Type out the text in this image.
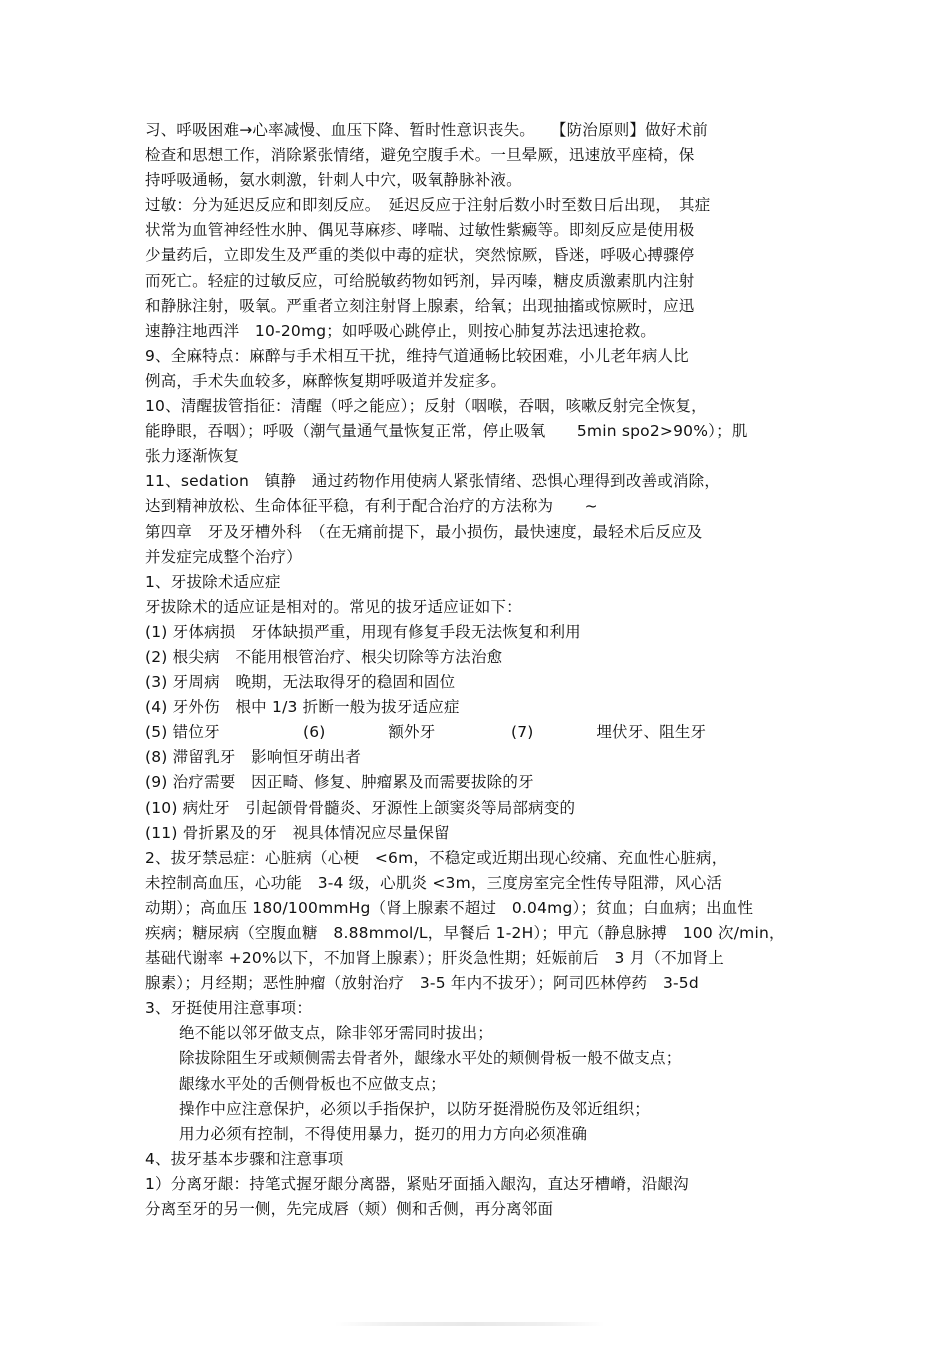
习、呼吸困难→心率减慢、血压下降、暂时性意识丧失。　　【防治原则】做好术前
检查和思想工作，消除紧张情绪，避免空腹手术。一旦晕厥，迅速放平座椅，保
持呼吸通畅，氨水刺激，针刺人中穴，吸氧静脉补液。
过敏：分为延迟反应和即刻反应。　延迟反应于注射后数小时至数日后出现，　其症
状常为血管神经性水肿、偶见荨麻疹、哮喘、过敏性紫癜等。即刻反应是使用极
少量药后，立即发生及严重的类似中毒的症状，突然惊厥，昏迷，呼吸心搏骤停
而死亡。轻症的过敏反应，可给脱敏药物如钙剂，异丙嗪，糖皮质激素肌内注射
和静脉注射，吸氧。严重者立刻注射肾上腺素，给氧；出现抽搐或惊厥时，应迅
速静注地西泮　10-20mg；如呼吸心跳停止，则按心肺复苏法迅速抢救。
9、全麻特点：麻醉与手术相互干扰，维持气道通畅比较困难，小儿老年病人比
例高，手术失血较多，麻醉恢复期呼吸道并发症多。
10、清醒拔管指征：清醒（呼之能应）；反射（咽喉，吞咽，咳嗽反射完全恢复，
能睁眼，吞咽）；呼吸（潮气量通气量恢复正常，停止吸氧　　5min spo2>90%）；肌
张力逐渐恢复
11、sedation　镇静　通过药物作用使病人紧张情绪、恐惧心理得到改善或消除，
达到精神放松、生命体征平稳，有利于配合治疗的方法称为　　~
第四章　牙及牙槽外科　（在无痛前提下，最小损伤，最快速度，最轻术后反应及
并发症完成整个治疗）
1、牙拔除术适应症
牙拔除术的适应证是相对的。常见的拔牙适应证如下：
(1) 牙体病损　牙体缺损严重，用现有修复手段无法恢复和利用
(2) 根尖病　不能用根管治疗、根尖切除等方法治愈
(3) 牙周病　晚期，无法取得牙的稳固和固位
(4) 牙外伤　根中 1/3 折断一般为拔牙适应症
(5) 错位牙	(6)　　　　额外牙	(7)　　　　埋伏牙、阻生牙
(8) 滞留乳牙　影响恒牙萌出者
(9) 治疗需要　因正畸、修复、肿瘤累及而需要拔除的牙
(10) 病灶牙　引起颌骨骨髓炎、牙源性上颌窦炎等局部病变的
(11) 骨折累及的牙　视具体情况应尽量保留
2、拔牙禁忌症：心脏病（心梗　<6m，不稳定或近期出现心绞痛、充血性心脏病，
未控制高血压，心功能　3-4 级，心肌炎 <3m，三度房室完全性传导阻滞，风心活
动期）；高血压 180/100mmHg（肾上腺素不超过　0.04mg）；贫血；白血病；出血性
疾病；糖尿病（空腹血糖　8.88mmol/L，早餐后 1-2H）；甲亢（静息脉搏　100 次/min，
基础代谢率 +20%以下，不加肾上腺素）；肝炎急性期；妊娠前后　3 月（不加肾上
腺素）；月经期；恶性肿瘤（放射治疗　3-5 年内不拔牙）；阿司匹林停药　3-5d
3、牙挺使用注意事项：
绝不能以邻牙做支点，除非邻牙需同时拔出；
除拔除阻生牙或颊侧需去骨者外，龈缘水平处的颊侧骨板一般不做支点；
龈缘水平处的舌侧骨板也不应做支点；
操作中应注意保护，必须以手指保护，以防牙挺滑脱伤及邻近组织；
用力必须有控制，不得使用暴力，挺刃的用力方向必须准确
4、拔牙基本步骤和注意事项
1）分离牙龈：持笔式握牙龈分离器，紧贴牙面插入龈沟，直达牙槽嵴，沿龈沟
分离至牙的另一侧，先完成唇（颊）侧和舌侧，再分离邻面
